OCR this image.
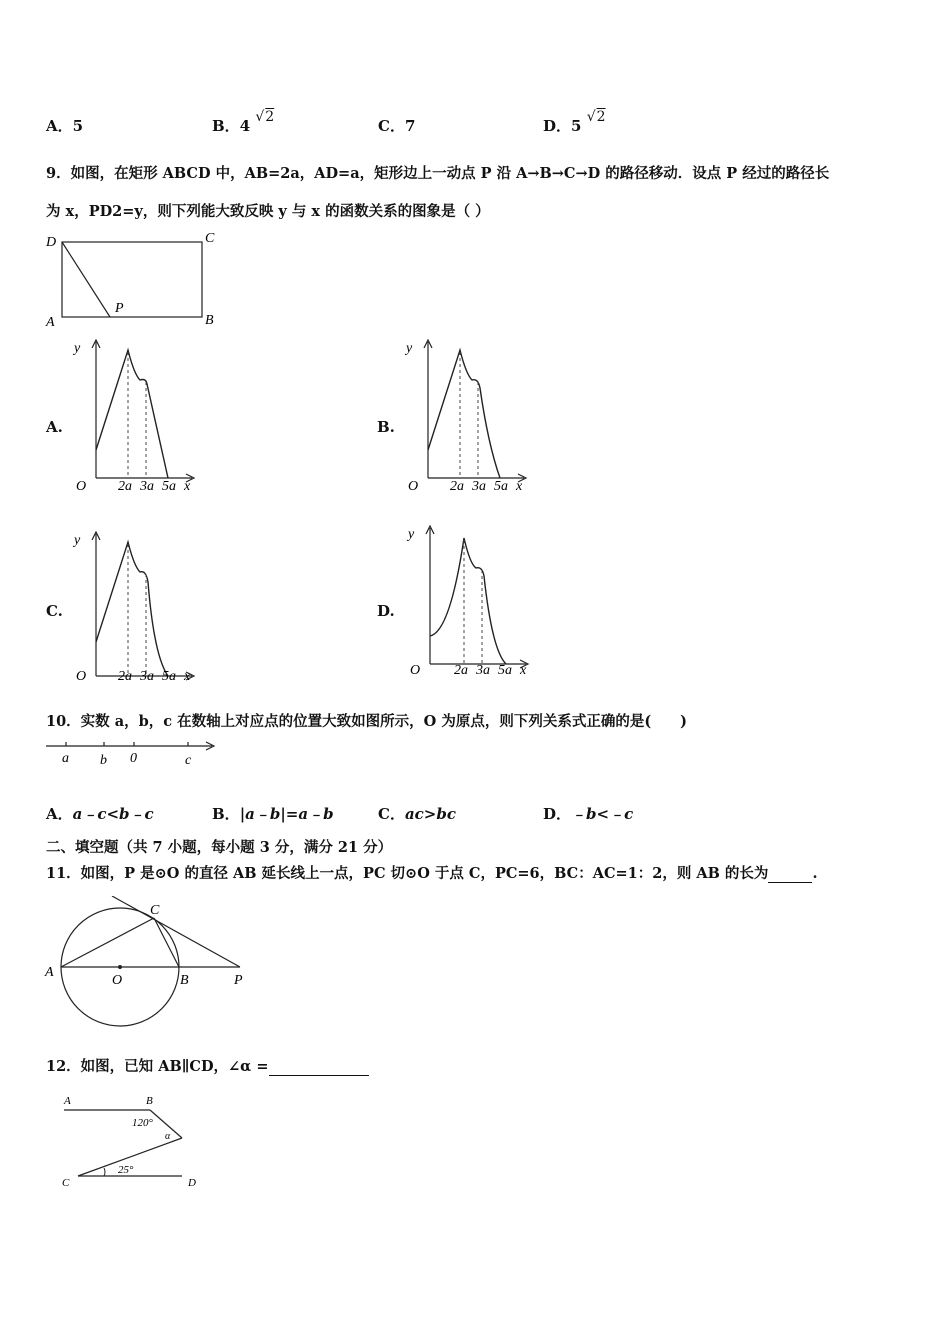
A．5	B．4 √2	C．7	D．5 √2
9．如图，在矩形 ABCD 中，AB=2a，AD=a，矩形边上一动点 P 沿 A→B→C→D 的路径移动．设点 P 经过的路径长
为 x，PD2=y，则下列能大致反映 y 与 x 的函数关系的图象是（ ）
D	C
A	B
P
A.
y
O 2a 3a 5a x
B.
y
O 2a 3a 5a x
C.
y
O 2a 3a 5a x
D.
y
O 2a 3a 5a x
10．实数 a，b，c 在数轴上对应点的位置大致如图所示，O 为原点，则下列关系式正确的是(　　)
a b 0	c
A．a﹣c<b﹣c	B．|a﹣b|=a﹣b	C．ac>bc	D．﹣b<﹣c
二、填空题（共 7 小题，每小题 3 分，满分 21 分）
11．如图，P 是⊙O 的直径 AB 延长线上一点，PC 切⊙O 于点 C，PC=6，BC：AC=1：2，则 AB 的长为	.
A
O	B	P
C
12．如图，已知 AB∥CD，∠α =
A	B
C	D
120°
α
25°
